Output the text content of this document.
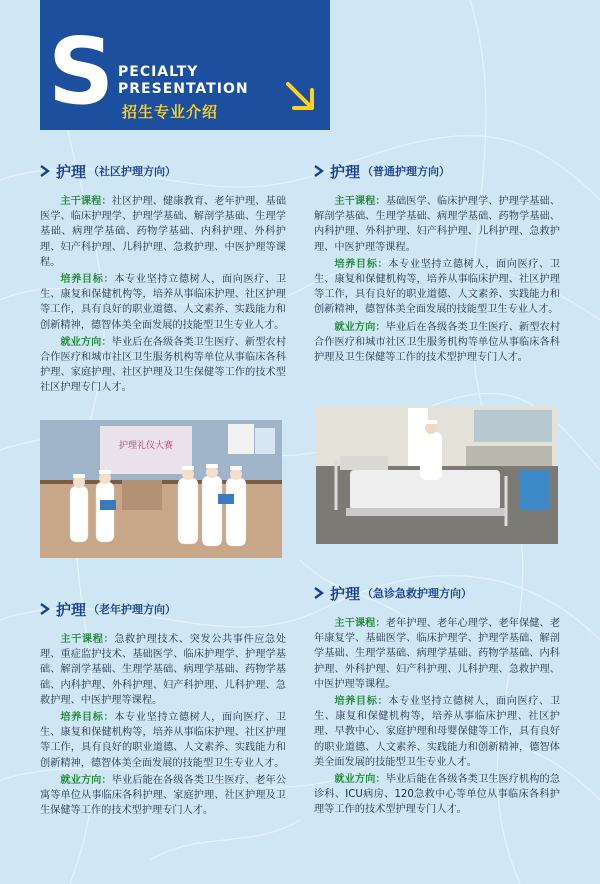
S PECIALTY
PRESENTATION
招生专业介绍
护理 （社区护理方向）

主干课程：社区护理、健康教育、老年护理、基础医学、临床护理学、护理学基础、解剖学基础、生理学基础、病理学基础、药物学基础、内科护理、外科护理、妇产科护理、儿科护理、急救护理、中医护理等课程。

培养目标：本专业坚持立德树人，面向医疗、卫生、康复和保健机构等，培养从事临床护理、社区护理等工作，具有良好的职业道德、人文素养、实践能力和创新精神，德智体美全面发展的技能型卫生专业人才。

就业方向：毕业后在各级各类卫生医疗、新型农村合作医疗和城市社区卫生服务机构等单位从事临床各科护理、家庭护理、社区护理及卫生保健等工作的技术型社区护理专门人才。

护理 （普通护理方向）

主干课程：基础医学、临床护理学、护理学基础、解剖学基础、生理学基础、病理学基础、药物学基础、内科护理、外科护理、妇产科护理、儿科护理、急救护理、中医护理等课程。

培养目标：本专业坚持立德树人，面向医疗、卫生、康复和保健机构等，培养从事临床护理、社区护理等工作，具有良好的职业道德、人文素养、实践能力和创新精神，德智体美全面发展的技能型卫生专业人才。

就业方向：毕业后在各级各类卫生医疗、新型农村合作医疗和城市社区卫生服务机构等单位从事临床各科护理及卫生保健等工作的技术型护理专门人才。

护理礼仪大赛
护理 （老年护理方向）

主干课程：急救护理技术、突发公共事件应急处理、重症监护技术、基础医学、临床护理学、护理学基础、解剖学基础、生理学基础、病理学基础、药物学基础、内科护理、外科护理、妇产科护理、儿科护理、急救护理、中医护理等课程。

培养目标：本专业坚持立德树人，面向医疗、卫生、康复和保健机构等，培养从事临床护理、社区护理等工作，具有良好的职业道德、人文素养、实践能力和创新精神，德智体美全面发展的技能型卫生专业人才。

就业方向：毕业后能在各级各类卫生医疗、老年公寓等单位从事临床各科护理、家庭护理、社区护理及卫生保健等工作的技术型护理专门人才。

护理 （急诊急救护理方向）

主干课程：老年护理、老年心理学、老年保健、老年康复学、基础医学、临床护理学、护理学基础、解剖学基础、生理学基础、病理学基础、药物学基础、内科护理、外科护理、妇产科护理、儿科护理、急救护理、中医护理等课程。

培养目标：本专业坚持立德树人，面向医疗、卫生、康复和保健机构等，培养从事临床护理、社区护理、早教中心、家庭护理和母婴保健等工作，具有良好的职业道德、人文素养、实践能力和创新精神，德智体美全面发展的技能型卫生专业人才。

就业方向：毕业后能在各级各类卫生医疗机构的急诊科、ICU病房、120急救中心等单位从事临床各科护理等工作的技术型护理专门人才。
